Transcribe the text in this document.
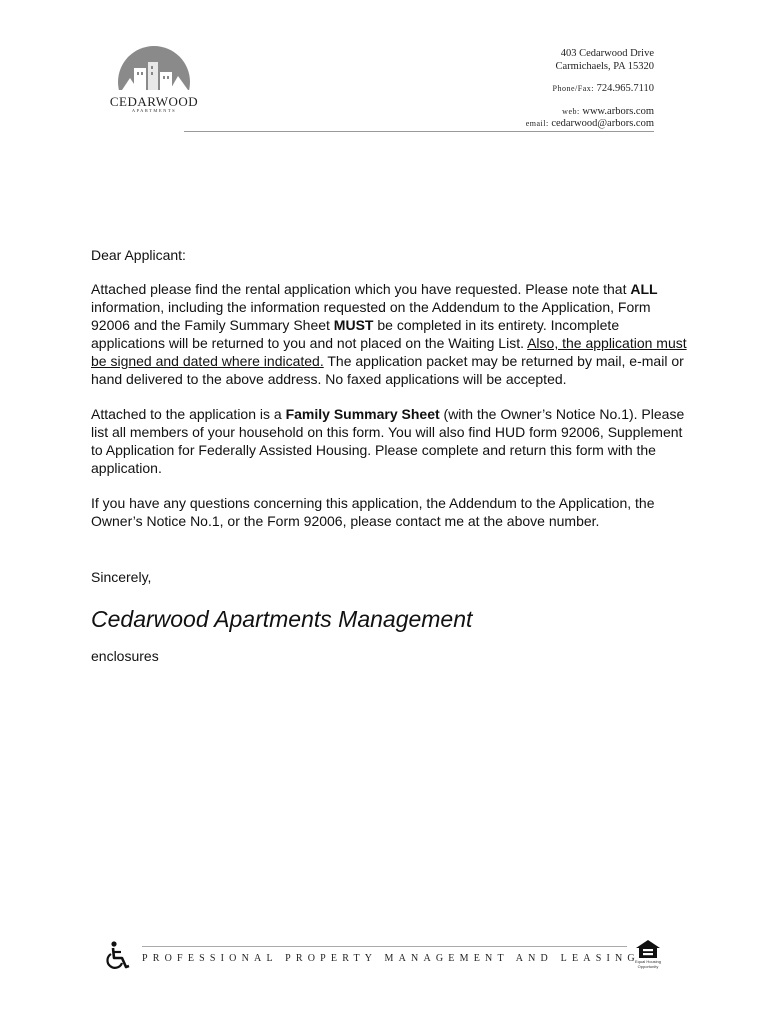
CEDARWOOD
APARTMENTS
403 Cedarwood Drive
Carmichaels, PA 15320
Phone/Fax: 724.965.7110
web: www.arbors.com
email: cedarwood@arbors.com

Dear Applicant:

Attached please find the rental application which you have requested. Please note that ALL information, including the information requested on the Addendum to the Application, Form 92006 and the Family Summary Sheet MUST be completed in its entirety. Incomplete applications will be returned to you and not placed on the Waiting List. Also, the application must be signed and dated where indicated. The application packet may be returned by mail, e-mail or hand delivered to the above address. No faxed applications will be accepted.

Attached to the application is a Family Summary Sheet (with the Owner’s Notice No.1). Please list all members of your household on this form. You will also find HUD form 92006, Supplement to Application for Federally Assisted Housing. Please complete and return this form with the application.

If you have any questions concerning this application, the Addendum to the Application, the Owner’s Notice No.1, or the Form 92006, please contact me at the above number.

Sincerely,

Cedarwood Apartments Management

enclosures

PROFESSIONAL PROPERTY MANAGEMENT AND LEASING
Equal Housing Opportunity
